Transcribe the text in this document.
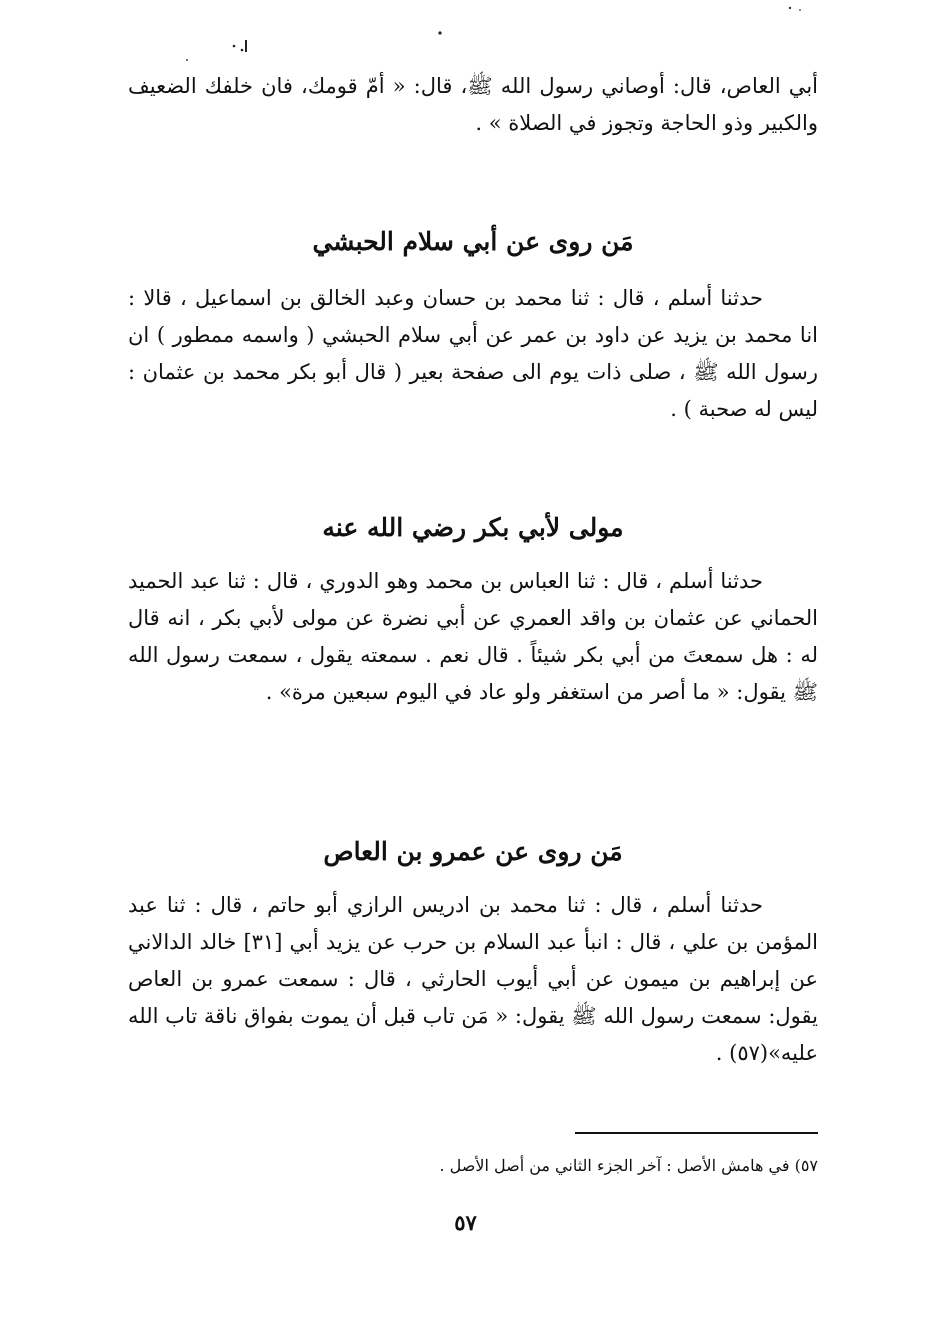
أبي العاص، قال: أوصاني رسول الله ﷺ، قال: « أمّ قومك، فان خلفك الضعيف والكبير وذو الحاجة وتجوز في الصلاة » .

مَن روى عن أبي سلام الحبشي

حدثنا أسلم ، قال : ثنا محمد بن حسان وعبد الخالق بن اسماعيل ، قالا : انا محمد بن يزيد عن داود بن عمر عن أبي سلام الحبشي ( واسمه ممطور ) ان رسول الله ﷺ ، صلى ذات يوم الى صفحة بعير ( قال أبو بكر محمد بن عثمان : ليس له صحبة ) .

مولى لأبي بكر رضي الله عنه

حدثنا أسلم ، قال : ثنا العباس بن محمد وهو الدوري ، قال : ثنا عبد الحميد الحماني عن عثمان بن واقد العمري عن أبي نضرة عن مولى لأبي بكر ، انه قال له : هل سمعتَ من أبي بكر شيئاً . قال نعم . سمعته يقول ، سمعت رسول الله ﷺ يقول: « ما أصر من استغفر ولو عاد في اليوم سبعين مرة» .

مَن روى عن عمرو بن العاص

حدثنا أسلم ، قال : ثنا محمد بن ادريس الرازي أبو حاتم ، قال : ثنا عبد المؤمن بن علي ، قال : انبأ عبد السلام بن حرب عن يزيد أبي [٣١] خالد الدالاني عن إبراهيم بن ميمون عن أبي أيوب الحارثي ، قال : سمعت عمرو بن العاص يقول: سمعت رسول الله ﷺ يقول: « مَن تاب قبل أن يموت بفواق ناقة تاب الله عليه»(٥٧) .

٥٧) في هامش الأصل : آخر الجزء الثاني من أصل الأصل .
٥٧
